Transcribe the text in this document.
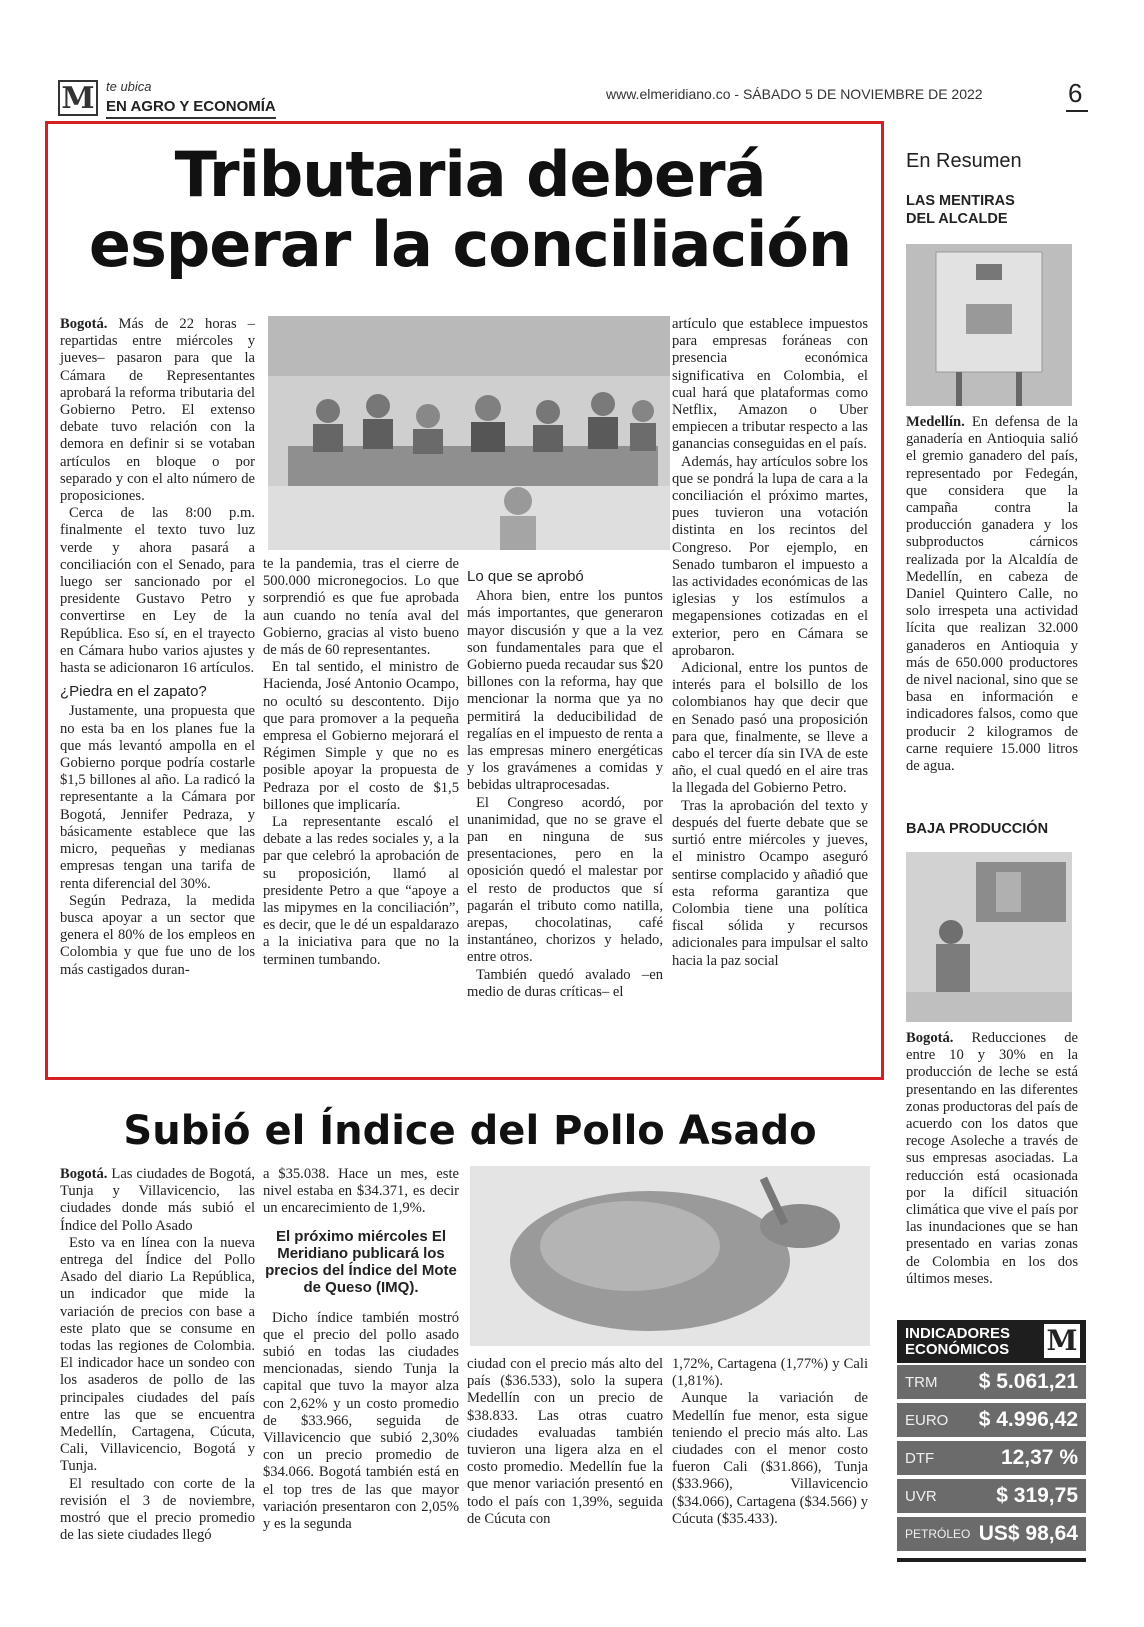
M te ubica
EN AGRO Y ECONOMÍA
www.elmeridiano.co - SÁBADO 5 DE NOVIEMBRE DE 2022	6
Tributaria deberá
esperar la conciliación

Bogotá. Más de 22 horas –repartidas entre miércoles y jueves– pasaron para que la Cámara de Representantes aprobará la reforma tributaria del Gobierno Petro. El extenso debate tuvo relación con la demora en definir si se votaban artículos en bloque o por separado y con el alto número de proposiciones.

Cerca de las 8:00 p.m. finalmente el texto tuvo luz verde y ahora pasará a conciliación con el Senado, para luego ser sancionado por el presidente Gustavo Petro y convertirse en Ley de la República. Eso sí, en el trayecto en Cámara hubo varios ajustes y hasta se adicionaron 16 artículos.

¿Piedra en el zapato?

Justamente, una propuesta que no esta ba en los planes fue la que más levantó ampolla en el Gobierno porque podría costarle $1,5 billones al año. La radicó la representante a la Cámara por Bogotá, Jennifer Pedraza, y básicamente establece que las micro, pequeñas y medianas empresas tengan una tarifa de renta diferencial del 30%.

Según Pedraza, la medida busca apoyar a un sector que genera el 80% de los empleos en Colombia y que fue uno de los más castigados duran-

te la pandemia, tras el cierre de 500.000 micronegocios. Lo que sorprendió es que fue aprobada aun cuando no tenía aval del Gobierno, gracias al visto bueno de más de 60 representantes.

En tal sentido, el ministro de Hacienda, José Antonio Ocampo, no ocultó su descontento. Dijo que para promover a la pequeña empresa el Gobierno mejorará el Régimen Simple y que no es posible apoyar la propuesta de Pedraza por el costo de $1,5 billones que implicaría.

La representante escaló el debate a las redes sociales y, a la par que celebró la aprobación de su proposición, llamó al presidente Petro a que “apoye a las mipymes en la conciliación”, es decir, que le dé un espaldarazo a la iniciativa para que no la terminen tumbando.

Lo que se aprobó

Ahora bien, entre los puntos más importantes, que generaron mayor discusión y que a la vez son fundamentales para que el Gobierno pueda recaudar sus $20 billones con la reforma, hay que mencionar la norma que ya no permitirá la deducibilidad de regalías en el impuesto de renta a las empresas minero energéticas y los gravámenes a comidas y bebidas ultraprocesadas.

El Congreso acordó, por unanimidad, que no se grave el pan en ninguna de sus presentaciones, pero en la oposición quedó el malestar por el resto de productos que sí pagarán el tributo como natilla, arepas, chocolatinas, café instantáneo, chorizos y helado, entre otros.

También quedó avalado –en medio de duras críticas– el

artículo que establece impuestos para empresas foráneas con presencia económica significativa en Colombia, el cual hará que plataformas como Netflix, Amazon o Uber empiecen a tributar respecto a las ganancias conseguidas en el país.

Además, hay artículos sobre los que se pondrá la lupa de cara a la conciliación el próximo martes, pues tuvieron una votación distinta en los recintos del Congreso. Por ejemplo, en Senado tumbaron el impuesto a las actividades económicas de las iglesias y los estímulos a megapensiones cotizadas en el exterior, pero en Cámara se aprobaron.

Adicional, entre los puntos de interés para el bolsillo de los colombianos hay que decir que en Senado pasó una proposición para que, finalmente, se lleve a cabo el tercer día sin IVA de este año, el cual quedó en el aire tras la llegada del Gobierno Petro.

Tras la aprobación del texto y después del fuerte debate que se surtió entre miércoles y jueves, el ministro Ocampo aseguró sentirse complacido y añadió que esta reforma garantiza que Colombia tiene una política fiscal sólida y recursos adicionales para impulsar el salto hacia la paz social

Subió el Índice del Pollo Asado

Bogotá. Las ciudades de Bogotá, Tunja y Villavicencio, las ciudades donde más subió el Índice del Pollo Asado

Esto va en línea con la nueva entrega del Índice del Pollo Asado del diario La República, un indicador que mide la variación de precios con base a este plato que se consume en todas las regiones de Colombia. El indicador hace un sondeo con los asaderos de pollo de las principales ciudades del país entre las que se encuentra Medellín, Cartagena, Cúcuta, Cali, Villavicencio, Bogotá y Tunja.

El resultado con corte de la revisión el 3 de noviembre, mostró que el precio promedio de las siete ciudades llegó

a $35.038. Hace un mes, este nivel estaba en $34.371, es decir un encarecimiento de 1,9%.

El próximo miércoles El Meridiano publicará los precios del Índice del Mote de Queso (IMQ).

Dicho índice también mostró que el precio del pollo asado subió en todas las ciudades mencionadas, siendo Tunja la capital que tuvo la mayor alza con 2,62% y un costo promedio de $33.966, seguida de Villavicencio que subió 2,30% con un precio promedio de $34.066. Bogotá también está en el top tres de las que mayor variación presentaron con 2,05% y es la segunda

ciudad con el precio más alto del país ($36.533), solo la supera Medellín con un precio de $38.833. Las otras cuatro ciudades evaluadas también tuvieron una ligera alza en el costo promedio. Medellín fue la que menor variación presentó en todo el país con 1,39%, seguida de Cúcuta con

1,72%, Cartagena (1,77%) y Cali (1,81%).

Aunque la variación de Medellín fue menor, esta sigue teniendo el precio más alto. Las ciudades con el menor costo fueron Cali ($31.866), Tunja ($33.966), Villavicencio ($34.066), Cartagena ($34.566) y Cúcuta ($35.433).

En Resumen
LAS MENTIRAS DEL ALCALDE

Medellín. En defensa de la ganadería en Antioquia salió el gremio ganadero del país, representado por Fedegán, que considera que la campaña contra la producción ganadera y los subproductos cárnicos realizada por la Alcaldía de Medellín, en cabeza de Daniel Quintero Calle, no solo irrespeta una actividad lícita que realizan 32.000 ganaderos en Antioquia y más de 650.000 productores de nivel nacional, sino que se basa en información e indicadores falsos, como que producir 2 kilogramos de carne requiere 15.000 litros de agua.

BAJA PRODUCCIÓN

Bogotá. Reducciones de entre 10 y 30% en la producción de leche se está presentando en las diferentes zonas productoras del país de acuerdo con los datos que recoge Asoleche a través de sus empresas asociadas. La reducción está ocasionada por la difícil situación climática que vive el país por las inundaciones que se han presentado en varias zonas de Colombia en los dos últimos meses.

INDICADORES
ECONÓMICOS	M
TRM $ 5.061,21
EURO $ 4.996,42
DTF	12,37 %
UVR	$ 319,75
PETRÓLEO US$ 98,64
